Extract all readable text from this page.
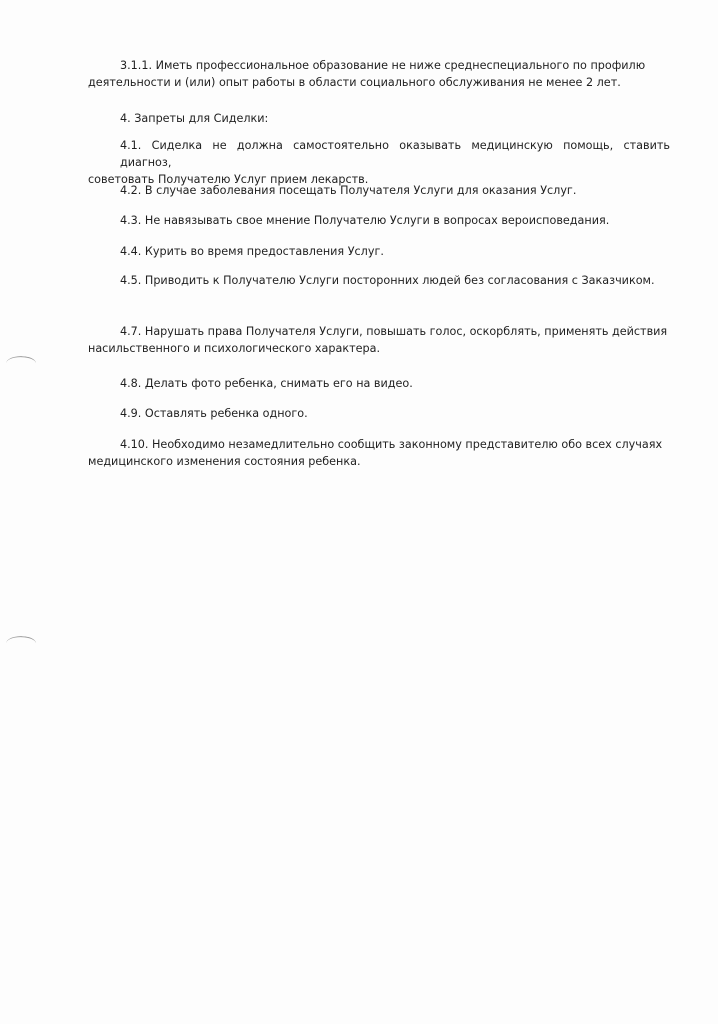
3.1.1. Иметь профессиональное образование не ниже среднеспециального по профилю
деятельности и (или) опыт работы в области социального обслуживания не менее 2 лет.
4. Запреты для Сиделки:
4.1. Сиделка не должна самостоятельно оказывать медицинскую помощь, ставить диагноз,
советовать Получателю Услуг прием лекарств.
4.2. В случае заболевания посещать Получателя Услуги для оказания Услуг.
4.3. Не навязывать свое мнение Получателю Услуги в вопросах вероисповедания.
4.4. Курить во время предоставления Услуг.
4.5. Приводить к Получателю Услуги посторонних людей без согласования с Заказчиком.
4.7. Нарушать права Получателя Услуги, повышать голос, оскорблять, применять действия
насильственного и психологического характера.
4.8. Делать фото ребенка, снимать его на видео.
4.9. Оставлять ребенка одного.
4.10. Необходимо незамедлительно сообщить законному представителю обо всех случаях
медицинского изменения состояния ребенка.
